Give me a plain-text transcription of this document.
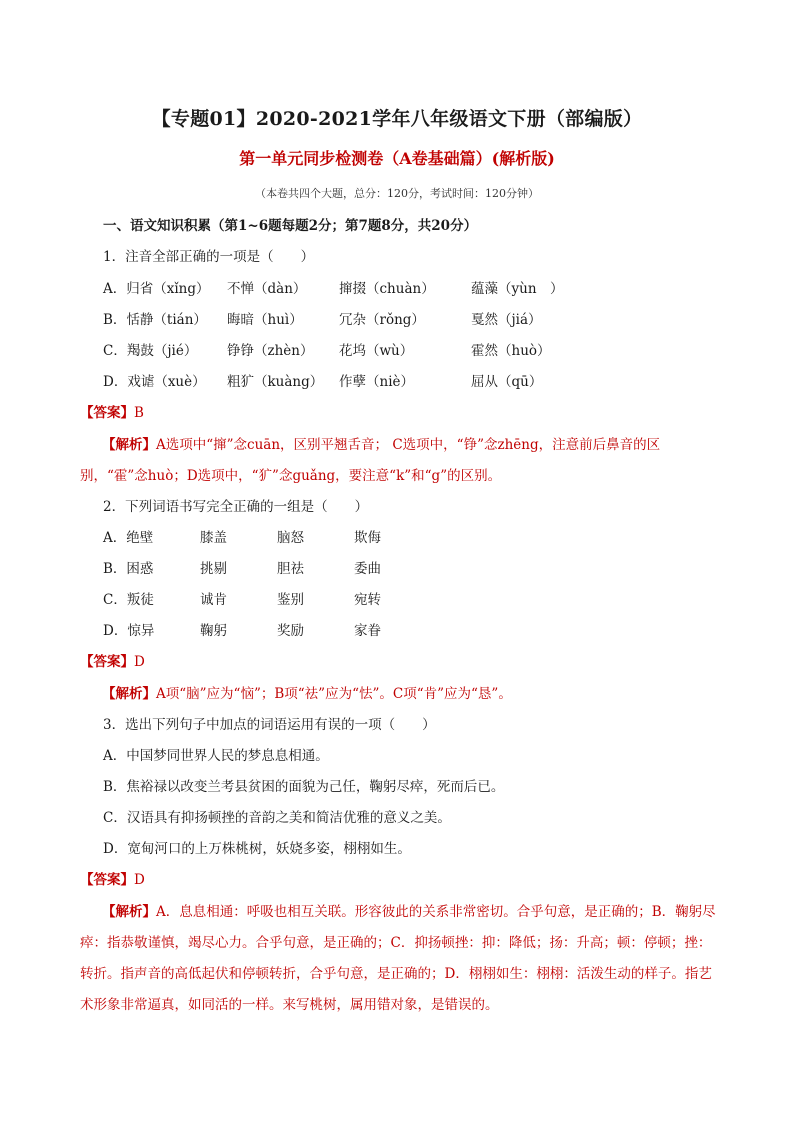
【专题01】2020-2021学年八年级语文下册（部编版）
第一单元同步检测卷（A卷基础篇）(解析版)
（本卷共四个大题，总分：120分，考试时间：120分钟）
一、语文知识积累（第1~6题每题2分；第7题8分，共20分）
1．注音全部正确的一项是（　　）
A．归省（xǐng） 不惮（dàn） 撺掇（chuàn）	蕴藻（yùn　）
B．恬静（tián） 晦暗（huì）	冗杂（rǒng）	戛然（jiá）
C．羯鼓（jié） 铮铮（zhèn） 花坞（wù）	霍然（huò）
D．戏谑（xuè） 粗犷（kuàng） 作孽（niè）	屈从（qū）
【答案】B
【解析】A选项中“撺”念cuān，区别平翘舌音； C选项中，“铮”念zhēng，注意前后鼻音的区别，“霍”念huò；D选项中，“犷”念guǎng，要注意“k”和“g”的区别。
2．下列词语书写完全正确的一组是（　　）
A．绝壁	膝盖	脑怒	欺侮
B．困惑	挑剔	胆祛	委曲
C．叛徒	诚肯	鉴别	宛转
D．惊异	鞠躬	奖励	家眷
【答案】D
【解析】A项“脑”应为“恼”；B项“祛”应为“怯”。C项“肯”应为“恳”。
3．选出下列句子中加点的词语运用有误的一项（　　）
A．中国梦同世界人民的梦息息相通。
B．焦裕禄以改变兰考县贫困的面貌为己任，鞠躬尽瘁，死而后已。
C．汉语具有抑扬顿挫的音韵之美和简洁优雅的意义之美。
D．宽甸河口的上万株桃树，妖娆多姿，栩栩如生。
【答案】D
【解析】A．息息相通：呼吸也相互关联。形容彼此的关系非常密切。合乎句意，是正确的；B．鞠躬尽瘁：指恭敬谨慎，竭尽心力。合乎句意，是正确的；C．抑扬顿挫：抑：降低；扬：升高；顿：停顿；挫：转折。指声音的高低起伏和停顿转折，合乎句意，是正确的；D．栩栩如生：栩栩：活泼生动的样子。指艺术形象非常逼真，如同活的一样。来写桃树，属用错对象，是错误的。
